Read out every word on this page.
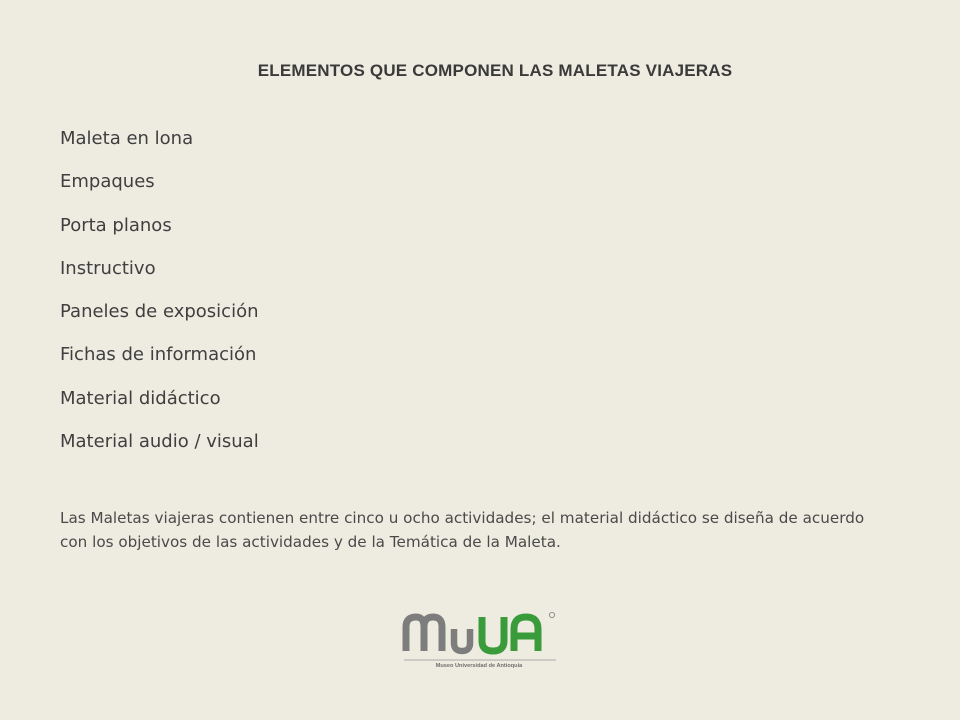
ELEMENTOS QUE COMPONEN LAS MALETAS VIAJERAS
Maleta en lona
Empaques
Porta planos
Instructivo
Paneles de exposición
Fichas de información
Material didáctico
Material audio / visual

Las Maletas viajeras contienen entre cinco u ocho actividades; el material didáctico se diseña de acuerdo con los objetivos de las actividades y de la Temática de la Maleta.

Museo Universidad de Antioquia
